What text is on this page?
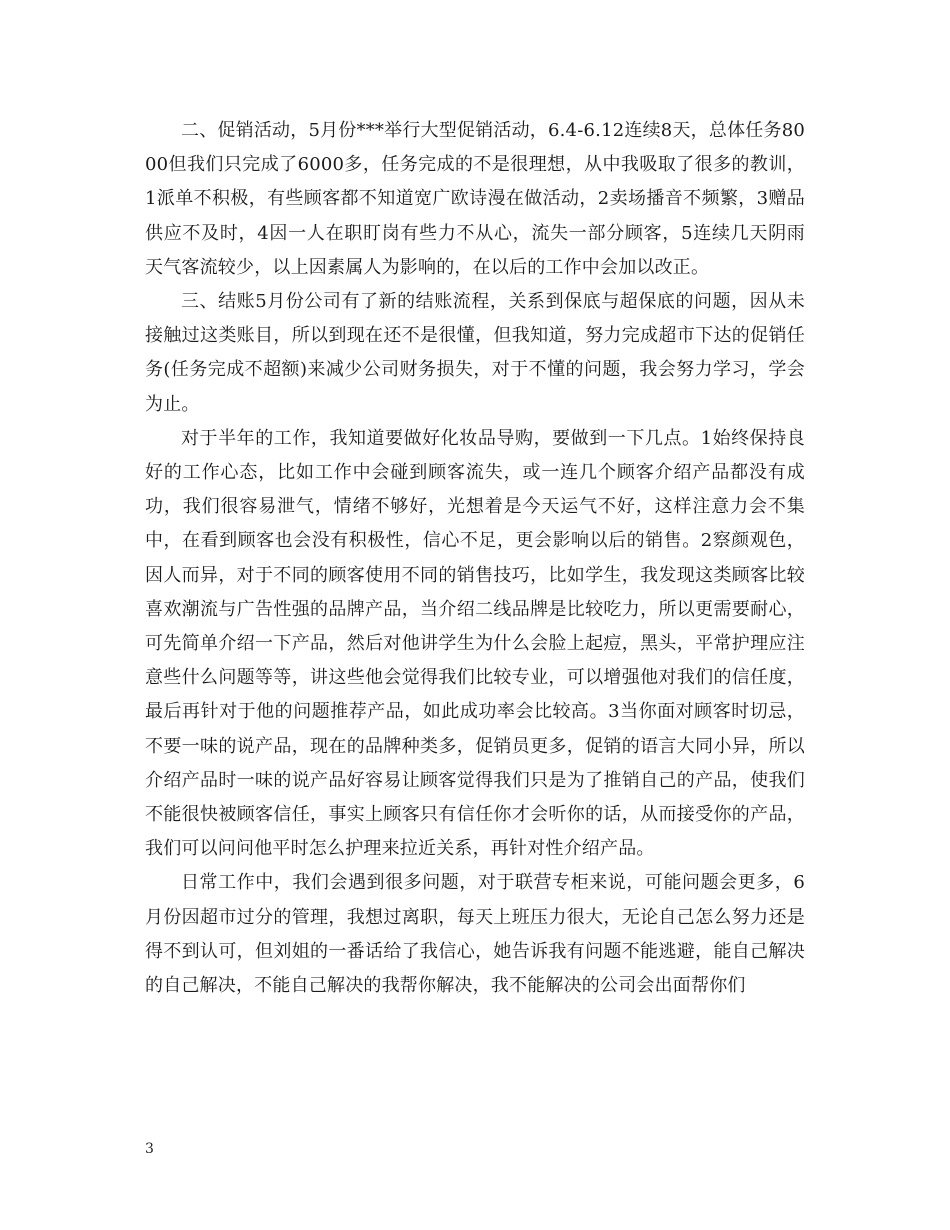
二、促销活动，5月份***举行大型促销活动，6.4-6.12连续8天，总体任务8000但我们只完成了6000多，任务完成的不是很理想，从中我吸取了很多的教训，1派单不积极，有些顾客都不知道宽广欧诗漫在做活动，2卖场播音不频繁，3赠品供应不及时，4因一人在职盯岗有些力不从心，流失一部分顾客，5连续几天阴雨天气客流较少，以上因素属人为影响的，在以后的工作中会加以改正。

三、结账5月份公司有了新的结账流程，关系到保底与超保底的问题，因从未接触过这类账目，所以到现在还不是很懂，但我知道，努力完成超市下达的促销任务(任务完成不超额)来减少公司财务损失，对于不懂的问题，我会努力学习，学会为止。

对于半年的工作，我知道要做好化妆品导购，要做到一下几点。1始终保持良好的工作心态，比如工作中会碰到顾客流失，或一连几个顾客介绍产品都没有成功，我们很容易泄气，情绪不够好，光想着是今天运气不好，这样注意力会不集中，在看到顾客也会没有积极性，信心不足，更会影响以后的销售。2察颜观色，因人而异，对于不同的顾客使用不同的销售技巧，比如学生，我发现这类顾客比较喜欢潮流与广告性强的品牌产品，当介绍二线品牌是比较吃力，所以更需要耐心，可先简单介绍一下产品，然后对他讲学生为什么会脸上起痘，黑头，平常护理应注意些什么问题等等，讲这些他会觉得我们比较专业，可以增强他对我们的信任度，最后再针对于他的问题推荐产品，如此成功率会比较高。3当你面对顾客时切忌，不要一味的说产品，现在的品牌种类多，促销员更多，促销的语言大同小异，所以介绍产品时一味的说产品好容易让顾客觉得我们只是为了推销自己的产品，使我们不能很快被顾客信任，事实上顾客只有信任你才会听你的话，从而接受你的产品，我们可以问问他平时怎么护理来拉近关系，再针对性介绍产品。

日常工作中，我们会遇到很多问题，对于联营专柜来说，可能问题会更多，6月份因超市过分的管理，我想过离职，每天上班压力很大，无论自己怎么努力还是得不到认可，但刘姐的一番话给了我信心，她告诉我有问题不能逃避，能自己解决的自己解决，不能自己解决的我帮你解决，我不能解决的公司会出面帮你们

3
